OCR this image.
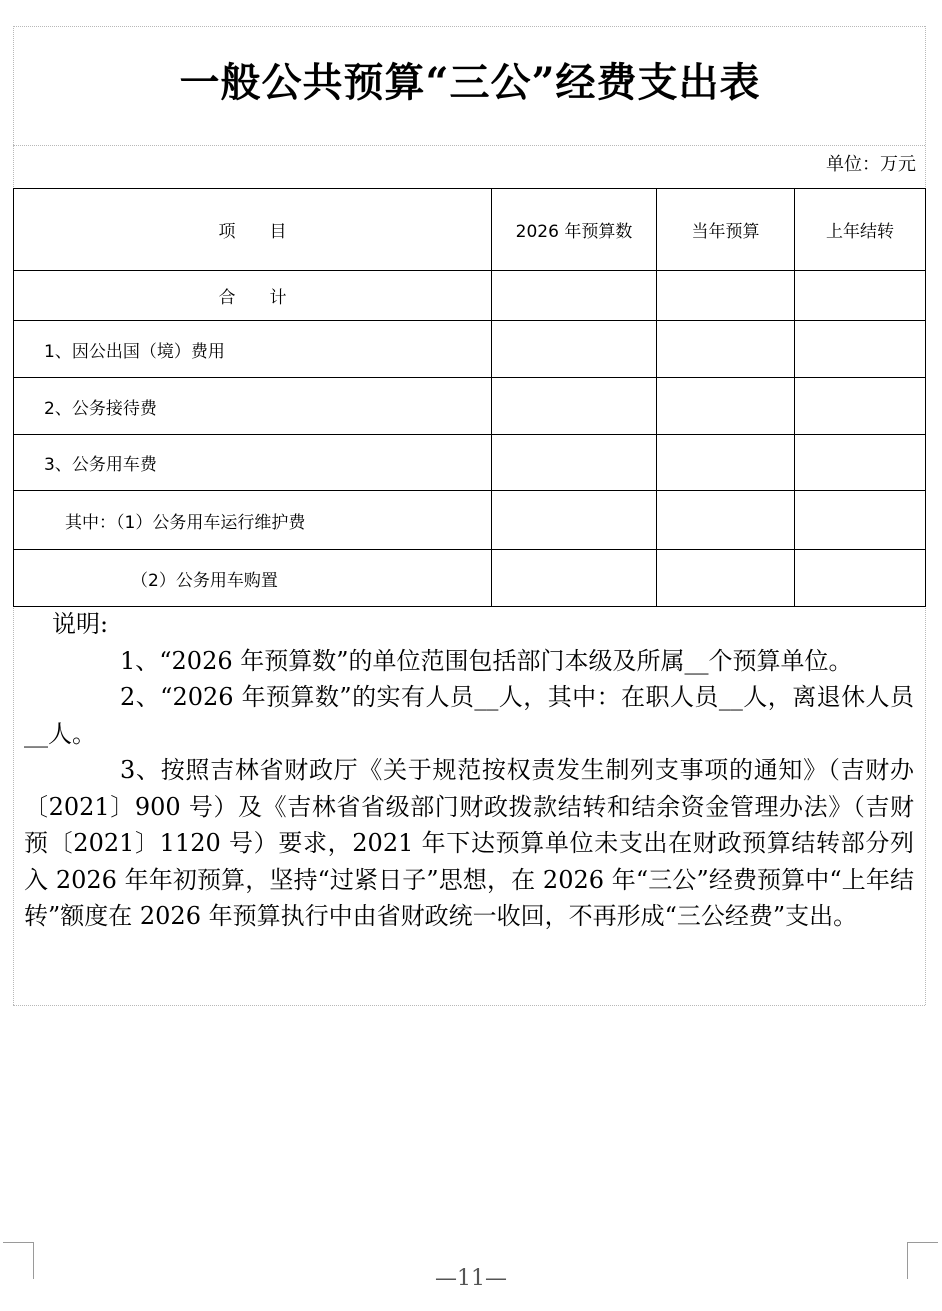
一般公共预算“三公”经费支出表
单位：万元
项　　目	2026 年预算数	当年预算	上年结转
合　　计			
1、因公出国（境）费用			
2、公务接待费			
3、公务用车费			
其中：（1）公务用车运行维护费			
（2）公务用车购置			

说明:

1、“2026 年预算数”的单位范围包括部门本级及所属__个预算单位。

2、“2026 年预算数”的实有人员__人，其中：在职人员__人，离退休人员__人。

3、按照吉林省财政厅《关于规范按权责发生制列支事项的通知》（吉财办〔2021〕900 号）及《吉林省省级部门财政拨款结转和结余资金管理办法》（吉财预〔2021〕1120 号）要求，2021 年下达预算单位未支出在财政预算结转部分列入 2026 年年初预算，坚持“过紧日子”思想，在 2026 年“三公”经费预算中“上年结转”额度在 2026 年预算执行中由省财政统一收回，不再形成“三公经费”支出。

—11—
